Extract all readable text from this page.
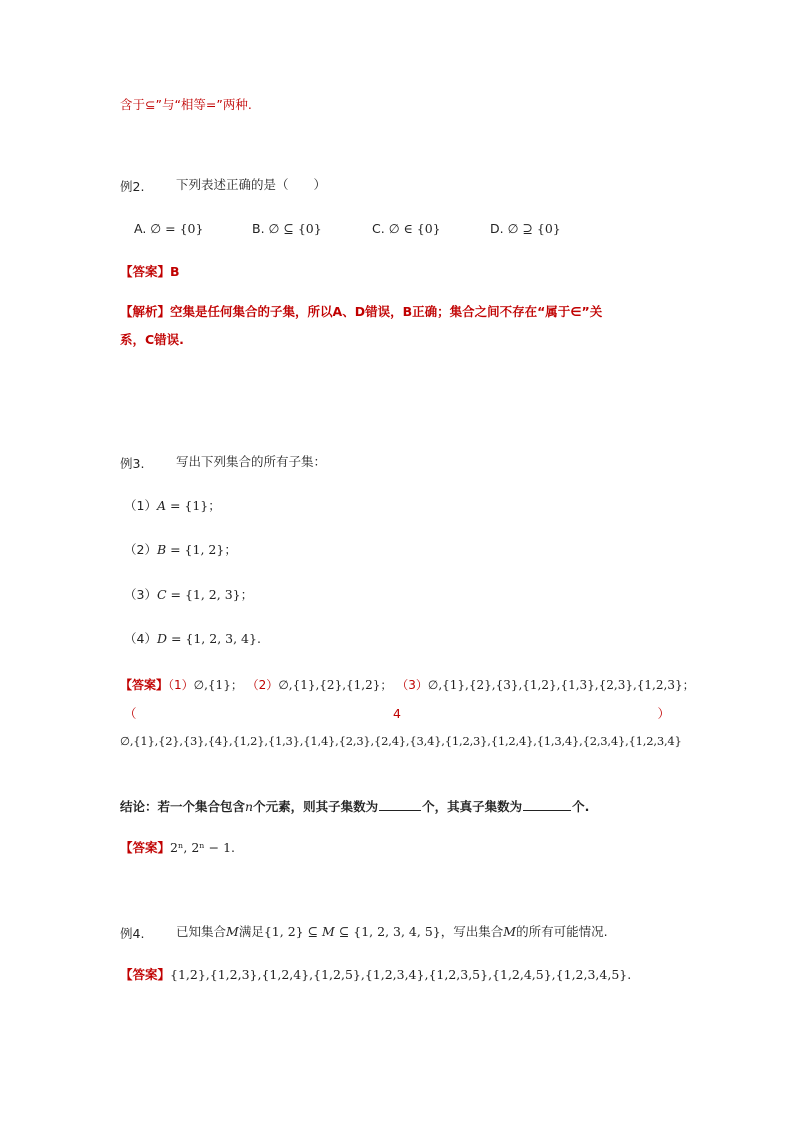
含于⊆”与“相等=”两种.
例2.	下列表述正确的是（　　）
A. ∅ = {0}	B. ∅ ⊆ {0}	C. ∅ ∈ {0}	D. ∅ ⊇ {0}
【答案】B
【解析】空集是任何集合的子集，所以A、D错误，B正确；集合之间不存在“属于∈”关
系，C错误.
例3.	写出下列集合的所有子集：
（1）A = {1}；
（2）B = {1, 2}；
（3）C = {1, 2, 3}；
（4）D = {1, 2, 3, 4}.
【答案】（1）∅,{1}； （2）∅,{1},{2},{1,2}； （3）∅,{1},{2},{3},{1,2},{1,3},{2,3},{1,2,3}；
（	4	）
∅,{1},{2},{3},{4},{1,2},{1,3},{1,4},{2,3},{2,4},{3,4},{1,2,3},{1,2,4},{1,3,4},{2,3,4},{1,2,3,4}
结论：若一个集合包含n个元素，则其子集数为	个，其真子集数为	个.
【答案】2ⁿ, 2ⁿ − 1.
例4.	已知集合M满足{1, 2} ⊆ M ⊆ {1, 2, 3, 4, 5}，写出集合M的所有可能情况.
【答案】{1,2},{1,2,3},{1,2,4},{1,2,5},{1,2,3,4},{1,2,3,5},{1,2,4,5},{1,2,3,4,5}.
